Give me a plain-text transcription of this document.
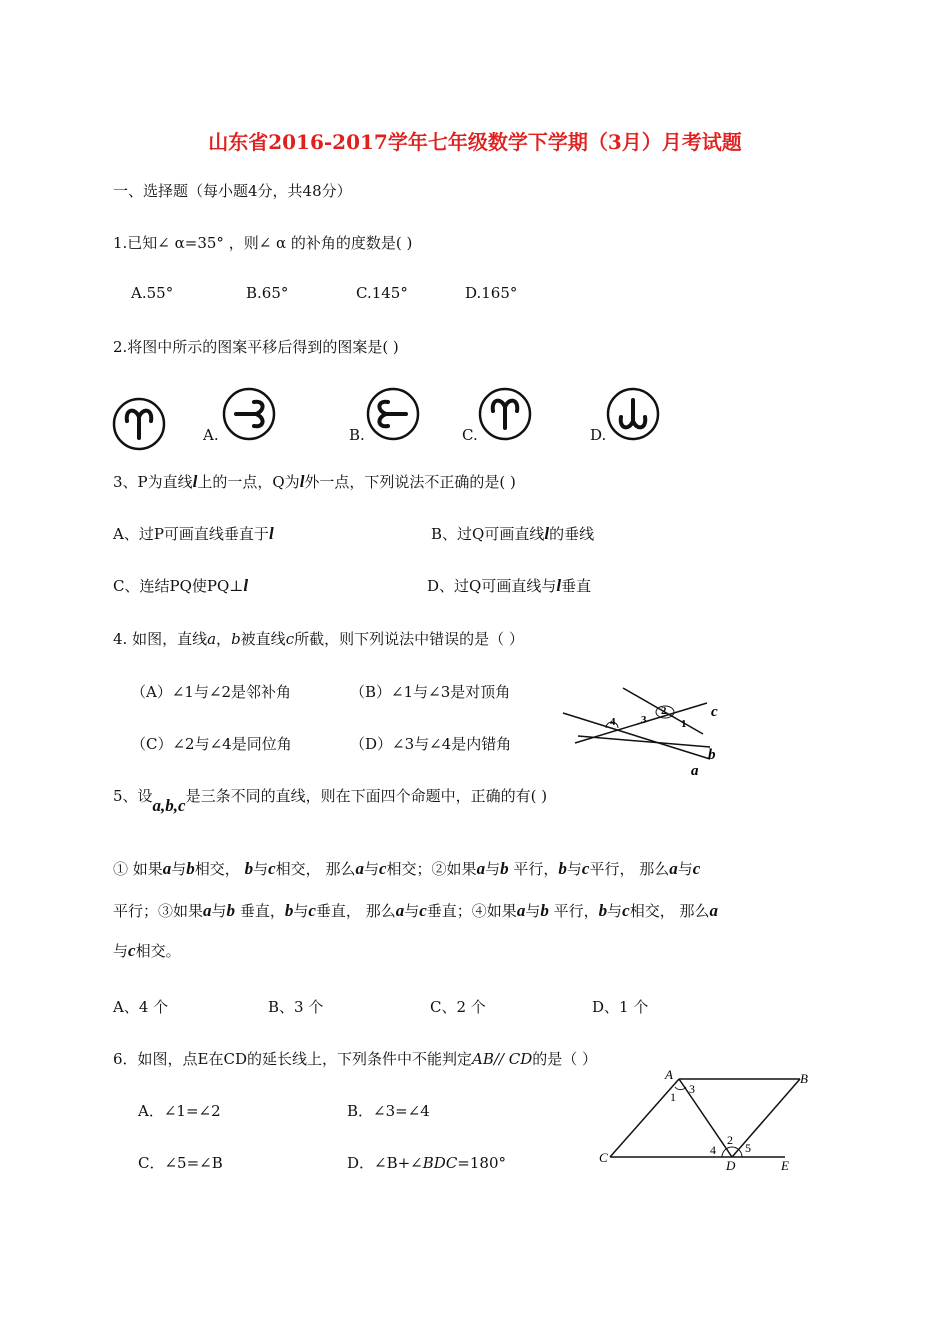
山东省2016-2017学年七年级数学下学期（3月）月考试题
一、选择题（每小题4分，共48分）
1.已知∠ α=35° ，则∠ α 的补角的度数是( )
A.55°	B.65°	C.145°	D.165°
2.将图中所示的图案平移后得到的图案是( )
A.	B.	C.	D.
3、P为直线l上的一点，Q为l外一点，下列说法不正确的是( )
A、过P可画直线垂直于l	B、过Q可画直线l的垂线
C、连结PQ使PQ⊥l	D、过Q可画直线与l垂直
4. 如图，直线a，b被直线c所截，则下列说法中错误的是（ ）
（A）∠1与∠2是邻补角	（B）∠1与∠3是对顶角
（C）∠2与∠4是同位角	（D）∠3与∠4是内错角
4
2
3	1
c
b
a
5、设a,b,c是三条不同的直线，则在下面四个命题中，正确的有( )
① 如果a与b相交， b与c相交， 那么a与c相交；②如果a与b 平行，b与c平行， 那么a与c
平行；③如果a与b 垂直，b与c垂直， 那么a与c垂直；④如果a与b 平行，b与c相交， 那么a
与c相交。
A、4 个	B、3 个	C、2 个	D、1 个
6．如图，点E在CD的延长线上，下列条件中不能判定AB// CD的是（ ）
A．∠1=∠2	B．∠3=∠4
C．∠5=∠B	D．∠B+∠BDC=180°
A	B
C
D	E
1
3
2
4 5
